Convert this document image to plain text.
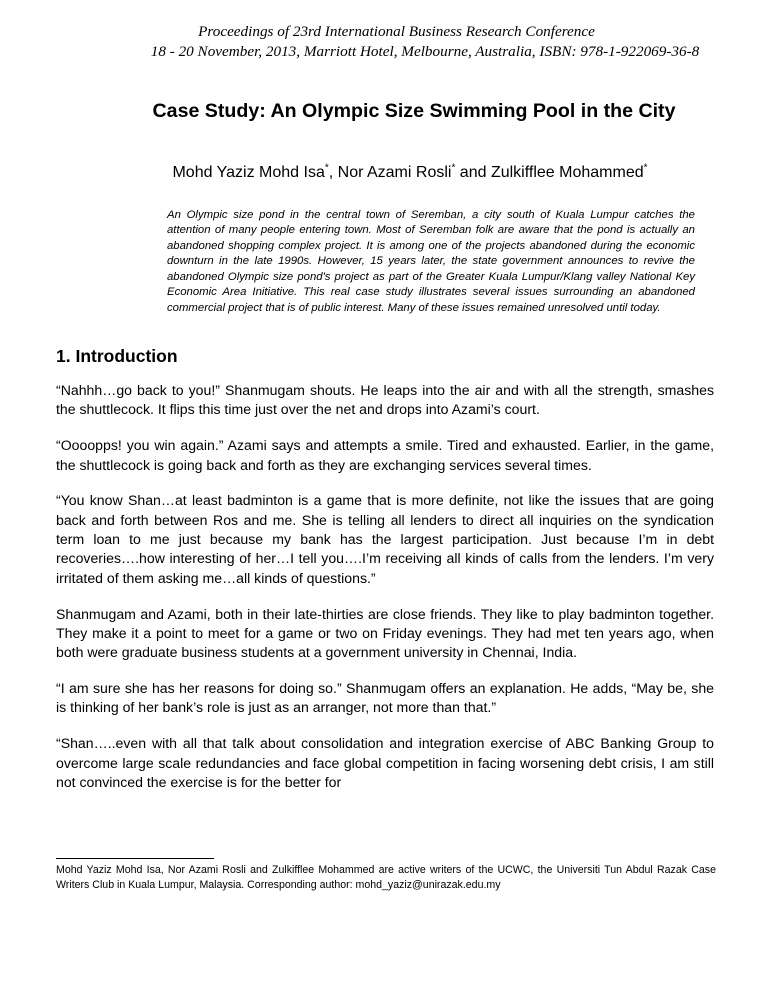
Proceedings of 23rd International Business Research Conference
18 - 20 November, 2013, Marriott Hotel, Melbourne, Australia, ISBN: 978-1-922069-36-8
Case Study: An Olympic Size Swimming Pool in the City
Mohd Yaziz Mohd Isa*, Nor Azami Rosli* and Zulkifflee Mohammed*

An Olympic size pond in the central town of Seremban, a city south of Kuala Lumpur catches the attention of many people entering town. Most of Seremban folk are aware that the pond is actually an abandoned shopping complex project. It is among one of the projects abandoned during the economic downturn in the late 1990s. However, 15 years later, the state government announces to revive the abandoned Olympic size pond's project as part of the Greater Kuala Lumpur/Klang valley National Key Economic Area Initiative. This real case study illustrates several issues surrounding an abandoned commercial project that is of public interest. Many of these issues remained unresolved until today.

1. Introduction

“Nahhh…go back to you!” Shanmugam shouts. He leaps into the air and with all the strength, smashes the shuttlecock. It flips this time just over the net and drops into Azami’s court.

“Oooopps! you win again.” Azami says and attempts a smile. Tired and exhausted. Earlier, in the game, the shuttlecock is going back and forth as they are exchanging services several times.

“You know Shan…at least badminton is a game that is more definite, not like the issues that are going back and forth between Ros and me. She is telling all lenders to direct all inquiries on the syndication term loan to me just because my bank has the largest participation. Just because I’m in debt recoveries….how interesting of her…I tell you….I’m receiving all kinds of calls from the lenders. I’m very irritated of them asking me…all kinds of questions.”

Shanmugam and Azami, both in their late-thirties are close friends. They like to play badminton together. They make it a point to meet for a game or two on Friday evenings. They had met ten years ago, when both were graduate business students at a government university in Chennai, India.

“I am sure she has her reasons for doing so.” Shanmugam offers an explanation. He adds, “May be, she is thinking of her bank’s role is just as an arranger, not more than that.”

“Shan…..even with all that talk about consolidation and integration exercise of ABC Banking Group to overcome large scale redundancies and face global competition in facing worsening debt crisis, I am still not convinced the exercise is for the better for

Mohd Yaziz Mohd Isa, Nor Azami Rosli and Zulkifflee Mohammed are active writers of the UCWC, the Universiti Tun Abdul Razak Case Writers Club in Kuala Lumpur, Malaysia. Corresponding author: mohd_yaziz@unirazak.edu.my
